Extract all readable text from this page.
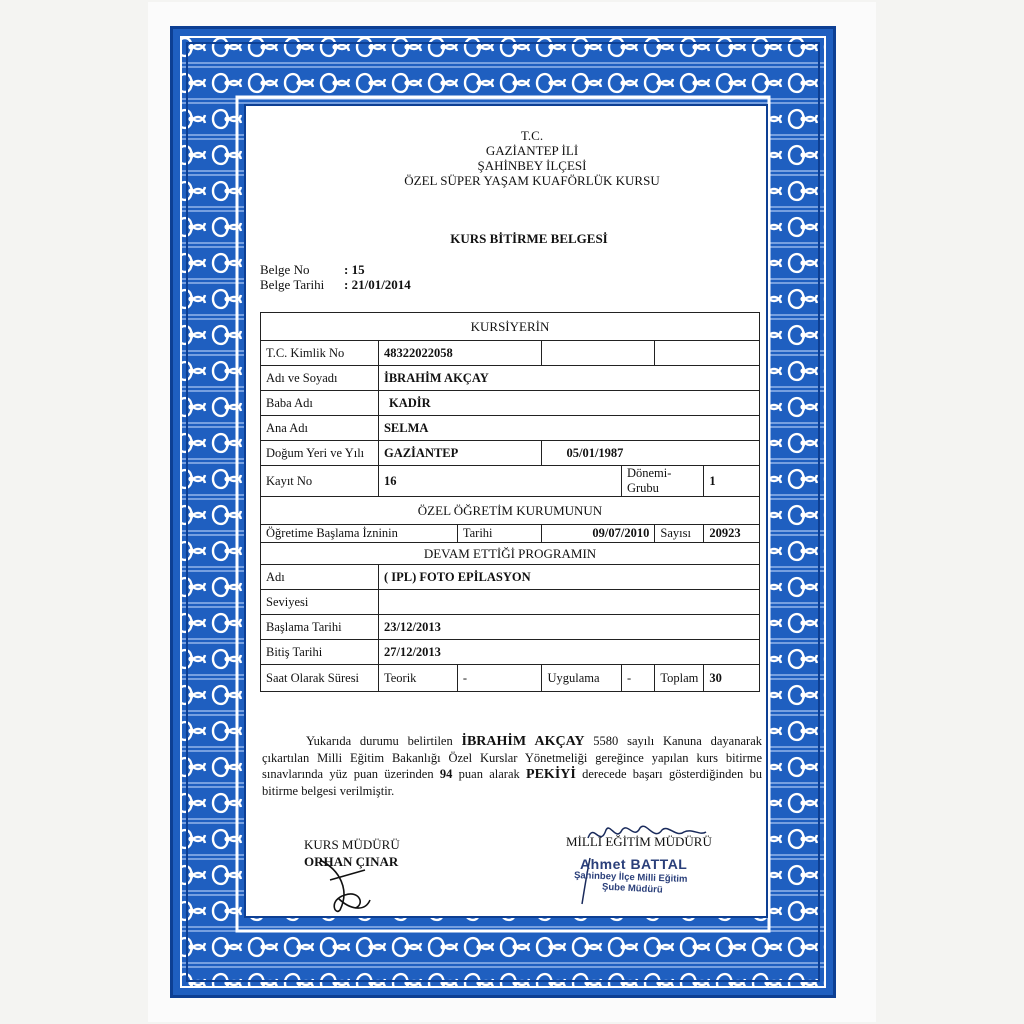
T.C.
GAZİANTEP İLİ
ŞAHİNBEY İLÇESİ
ÖZEL SÜPER YAŞAM KUAFÖRLÜK KURSU
KURS BİTİRME BELGESİ
Belge No	: 15
Belge Tarihi	: 21/01/2014
KURSİYERİN						
T.C. Kimlik No	48322022058					
Adı ve Soyadı	İBRAHİM AKÇAY					
Baba Adı	KADİR					
Ana Adı	SELMA					
Doğum Yeri ve Yılı	GAZİANTEP		05/01/1987			
Kayıt No	16			Dönemi-Grubu		1
ÖZEL ÖĞRETİM KURUMUNUN						
Öğretime Başlama İzninin		Tarihi	09/07/2010		Sayısı	20923
DEVAM ETTİĞİ PROGRAMIN						
Adı	( IPL) FOTO EPİLASYON					
Seviyesi						
Başlama Tarihi	23/12/2013					
Bitiş Tarihi	27/12/2013					
Saat Olarak Süresi	Teorik	-	Uygulama	-	Toplam	30
Yukarıda durumu belirtilen İBRAHİM AKÇAY 5580 sayılı Kanuna dayanarak çıkartılan Milli Eğitim Bakanlığı Özel Kurslar Yönetmeliği gereğince yapılan kurs bitirme sınavlarında yüz puan üzerinden 94 puan alarak PEKİYİ derecede başarı gösterdiğinden bu bitirme belgesi verilmiştir.
KURS MÜDÜRÜ
ORHAN ÇINAR
MİLLİ EĞİTİM MÜDÜRÜ
Ahmet BATTAL
Şahinbey İlçe Milli Eğitim
Şube Müdürü
